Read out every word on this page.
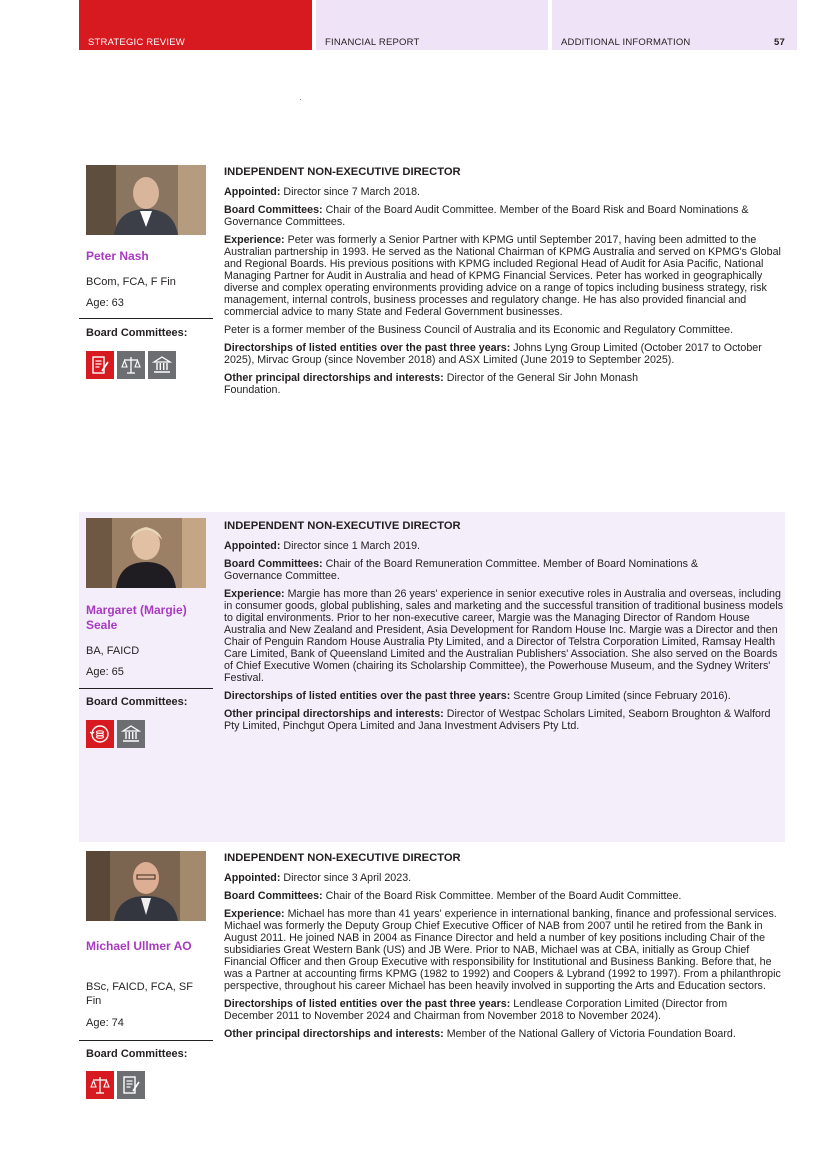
STRATEGIC REVIEW	FINANCIAL REPORT	ADDITIONAL INFORMATION	57
Peter Nash
BCom, FCA, F Fin
Age: 63
Board Committees:

INDEPENDENT NON-EXECUTIVE DIRECTOR

Appointed: Director since 7 March 2018.

Board Committees: Chair of the Board Audit Committee. Member of the Board Risk and Board Nominations & Governance Committees.

Experience: Peter was formerly a Senior Partner with KPMG until September 2017, having been admitted to the Australian partnership in 1993. He served as the National Chairman of KPMG Australia and served on KPMG's Global and Regional Boards. His previous positions with KPMG included Regional Head of Audit for Asia Pacific, National Managing Partner for Audit in Australia and head of KPMG Financial Services. Peter has worked in geographically diverse and complex operating environments providing advice on a range of topics including business strategy, risk management, internal controls, business processes and regulatory change. He has also provided financial and commercial advice to many State and Federal Government businesses.

Peter is a former member of the Business Council of Australia and its Economic and Regulatory Committee.

Directorships of listed entities over the past three years: Johns Lyng Group Limited (October 2017 to October 2025), Mirvac Group (since November 2018) and ASX Limited (June 2019 to September 2025).

Other principal directorships and interests: Director of the General Sir John Monash Foundation.

Margaret (Margie) Seale
BA, FAICD
Age: 65
Board Committees:

INDEPENDENT NON-EXECUTIVE DIRECTOR

Appointed: Director since 1 March 2019.

Board Committees: Chair of the Board Remuneration Committee. Member of Board Nominations & Governance Committee.

Experience: Margie has more than 26 years' experience in senior executive roles in Australia and overseas, including in consumer goods, global publishing, sales and marketing and the successful transition of traditional business models to digital environments. Prior to her non-executive career, Margie was the Managing Director of Random House Australia and New Zealand and President, Asia Development for Random House Inc. Margie was a Director and then Chair of Penguin Random House Australia Pty Limited, and a Director of Telstra Corporation Limited, Ramsay Health Care Limited, Bank of Queensland Limited and the Australian Publishers' Association. She also served on the Boards of Chief Executive Women (chairing its Scholarship Committee), the Powerhouse Museum, and the Sydney Writers' Festival.

Directorships of listed entities over the past three years: Scentre Group Limited (since February 2016).

Other principal directorships and interests: Director of Westpac Scholars Limited, Seaborn Broughton & Walford Pty Limited, Pinchgut Opera Limited and Jana Investment Advisers Pty Ltd.

Michael Ullmer AO
BSc, FAICD, FCA, SF Fin
Age: 74
Board Committees:

INDEPENDENT NON-EXECUTIVE DIRECTOR

Appointed: Director since 3 April 2023.

Board Committees: Chair of the Board Risk Committee. Member of the Board Audit Committee.

Experience: Michael has more than 41 years' experience in international banking, finance and professional services. Michael was formerly the Deputy Group Chief Executive Officer of NAB from 2007 until he retired from the Bank in August 2011. He joined NAB in 2004 as Finance Director and held a number of key positions including Chair of the subsidiaries Great Western Bank (US) and JB Were. Prior to NAB, Michael was at CBA, initially as Group Chief Financial Officer and then Group Executive with responsibility for Institutional and Business Banking. Before that, he was a Partner at accounting firms KPMG (1982 to 1992) and Coopers & Lybrand (1992 to 1997). From a philanthropic perspective, throughout his career Michael has been heavily involved in supporting the Arts and Education sectors.

Directorships of listed entities over the past three years: Lendlease Corporation Limited (Director from December 2011 to November 2024 and Chairman from November 2018 to November 2024).

Other principal directorships and interests: Member of the National Gallery of Victoria Foundation Board.
